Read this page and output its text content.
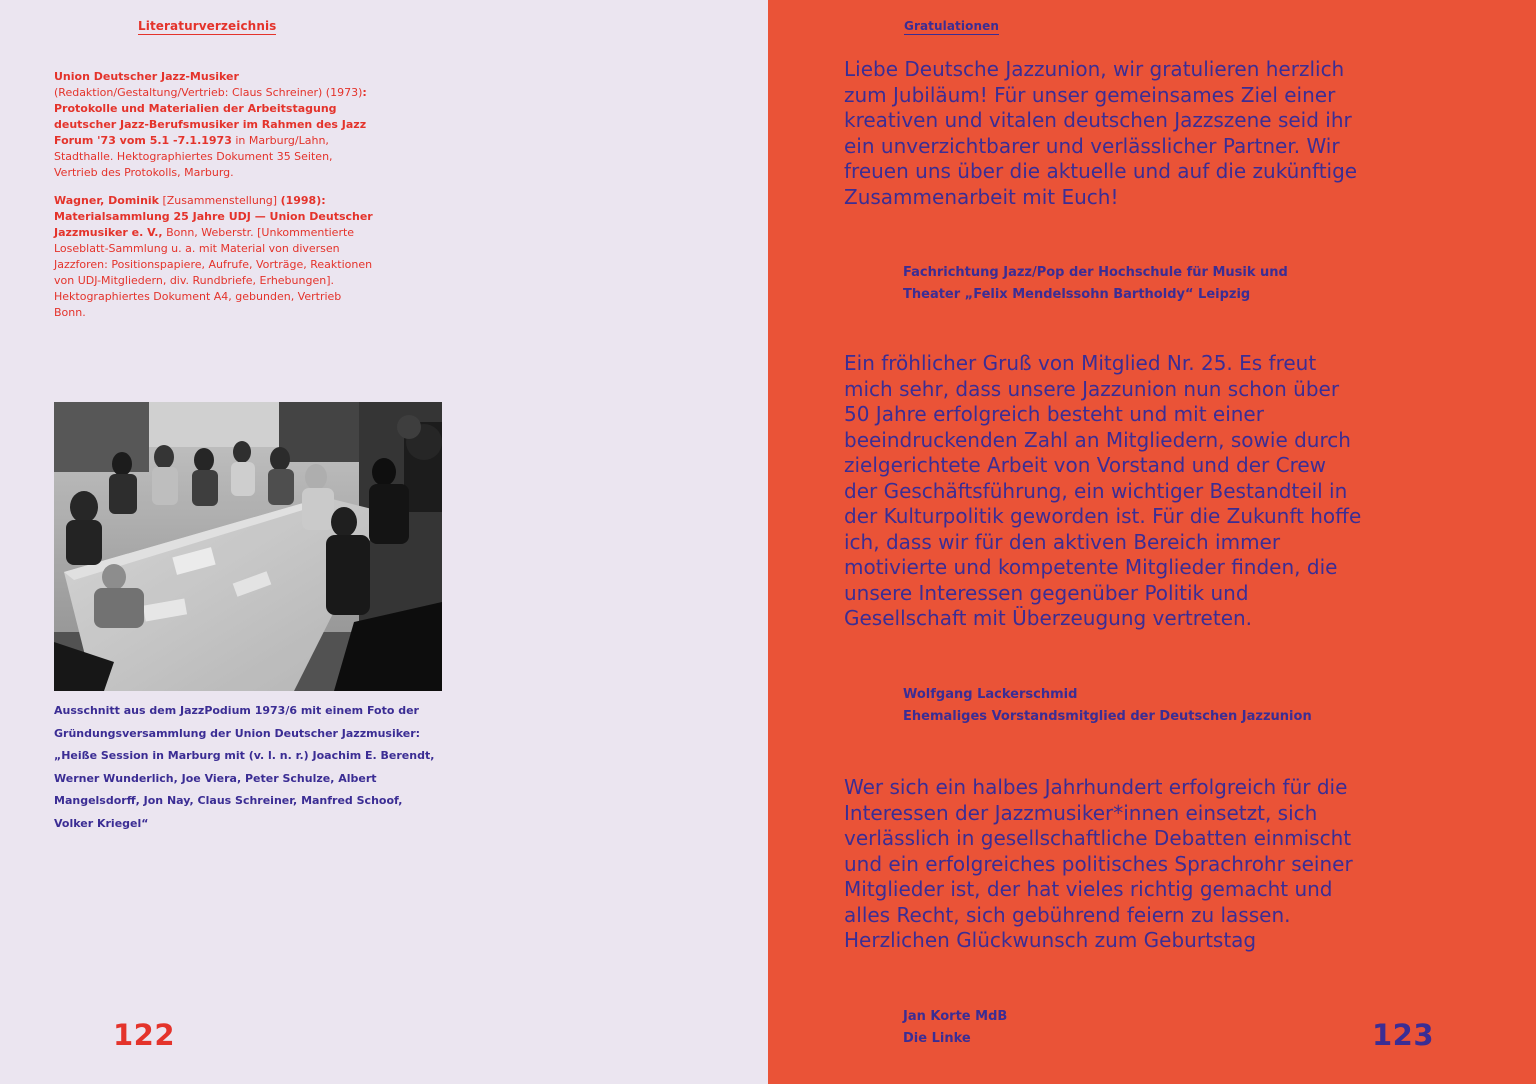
Literaturverzeichnis

Union Deutscher Jazz-Musiker (Redaktion/Gestaltung/Vertrieb: Claus Schreiner) (1973): Protokolle und Materialien der Arbeitstagung deutscher Jazz-Berufsmusiker im Rahmen des Jazz Forum '73 vom 5.1 -7.1.1973 in Marburg/Lahn, Stadthalle. Hektographiertes Dokument 35 Seiten, Vertrieb des Protokolls, Marburg.

Wagner, Dominik [Zusammenstellung] (1998): Materialsammlung 25 Jahre UDJ — Union Deutscher Jazzmusiker e. V., Bonn, Weberstr. [Unkommentierte Loseblatt-Sammlung u. a. mit Material von diversen Jazzforen: Positionspapiere, Aufrufe, Vorträge, Reaktionen von UDJ-Mitgliedern, div. Rundbriefe, Erhebungen]. Hektographiertes Dokument A4, gebunden, Vertrieb Bonn.

Ausschnitt aus dem JazzPodium 1973/6 mit einem Foto der Gründungsversammlung der Union Deutscher Jazzmusiker: „Heiße Session in Marburg mit (v. l. n. r.) Joachim E. Berendt, Werner Wunderlich, Joe Viera, Peter Schulze, Albert Mangelsdorff, Jon Nay, Claus Schreiner, Manfred Schoof, Volker Kriegel“

122
Gratulationen

Liebe Deutsche Jazzunion, wir gratulieren herzlich zum Jubiläum! Für unser gemeinsames Ziel einer kreativen und vitalen deutschen Jazzszene seid ihr ein unverzichtbarer und verlässlicher Partner. Wir freuen uns über die aktuelle und auf die zukünftige Zusammenarbeit mit Euch!

Fachrichtung Jazz/Pop der Hochschule für Musik und
Theater „Felix Mendelssohn Bartholdy“ Leipzig

Ein fröhlicher Gruß von Mitglied Nr. 25. Es freut mich sehr, dass unsere Jazzunion nun schon über 50 Jahre erfolgreich besteht und mit einer beeindruckenden Zahl an Mitgliedern, sowie durch zielgerichtete Arbeit von Vorstand und der Crew der Geschäftsführung, ein wichtiger Bestandteil in der Kulturpolitik geworden ist. Für die Zukunft hoffe ich, dass wir für den aktiven Bereich immer motivierte und kompetente Mitglieder finden, die unsere Interessen gegenüber Politik und Gesellschaft mit Überzeugung vertreten.

Wolfgang Lackerschmid
Ehemaliges Vorstandsmitglied der Deutschen Jazzunion

Wer sich ein halbes Jahrhundert erfolgreich für die Interessen der Jazzmusiker*innen einsetzt, sich verlässlich in gesellschaftliche Debatten einmischt und ein erfolgreiches politisches Sprachrohr seiner Mitglieder ist, der hat vieles richtig gemacht und alles Recht, sich gebührend feiern zu lassen. Herzlichen Glückwunsch zum Geburtstag

Jan Korte MdB
Die Linke	123
